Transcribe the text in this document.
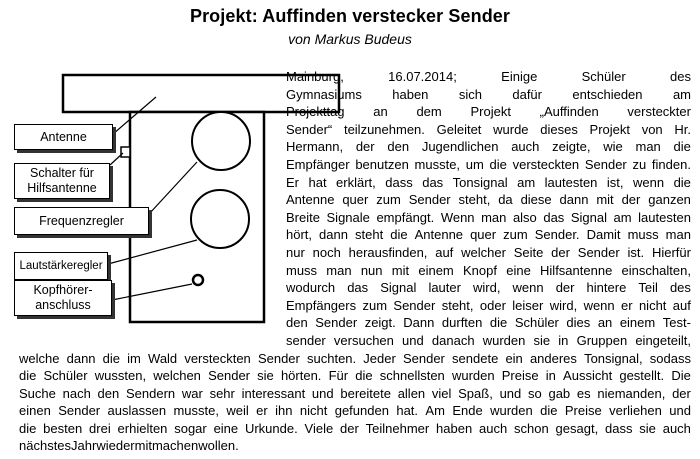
Projekt: Auffinden verstecker Sender
von Markus Budeus
Antenne
Schalter für
Hilfsantenne
Frequenzregler
Lautstärkeregler
Kopfhörer-
anschluss
Mainburg,	16.07.2014;	Einige	Schüler	des
Gymnasiums haben sich dafür entschieden am
Projekttag an dem Projekt „Auffinden versteckter
Sender“ teilzunehmen. Geleitet wurde dieses Projekt von Hr.
Hermann, der den Jugendlichen auch zeigte, wie man die
Empfänger benutzen musste, um die versteckten Sender zu finden.
Er hat erklärt, dass das Tonsignal am lautesten ist, wenn die
Antenne quer zum Sender steht, da diese dann mit der ganzen
Breite Signale empfängt. Wenn man also das Signal am lautesten
hört, dann steht die Antenne quer zum Sender. Damit muss man
nur noch herausfinden, auf welcher Seite der Sender ist. Hierfür
muss man nun mit einem Knopf eine Hilfsantenne einschalten,
wodurch das Signal lauter wird, wenn der hintere Teil des
Empfängers zum Sender steht, oder leiser wird, wenn er nicht auf
den Sender zeigt. Dann durften die Schüler dies an einem Test-
sender versuchen und danach wurden sie in Gruppen eingeteilt,
welche dann die im Wald versteckten Sender suchten. Jeder Sender sendete ein anderes Tonsignal, sodass
die Schüler wussten, welchen Sender sie hörten. Für die schnellsten wurden Preise in Aussicht gestellt. Die
Suche nach den Sendern war sehr interessant und bereitete allen viel Spaß, und so gab es niemanden, der
einen Sender auslassen musste, weil er ihn nicht gefunden hat. Am Ende wurden die Preise verliehen und
die besten drei erhielten sogar eine Urkunde. Viele der Teilnehmer haben auch schon gesagt, dass sie auch
nächstes Jahr wieder mitmachen wollen.
